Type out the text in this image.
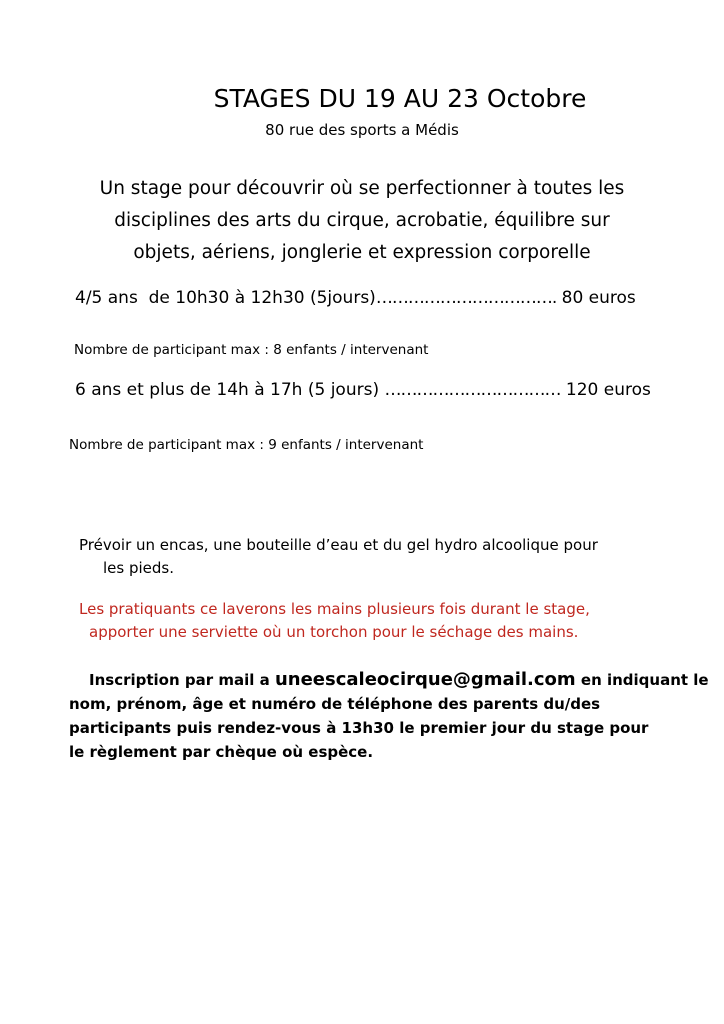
STAGES DU 19 AU 23 Octobre
80 rue des sports a Médis
Un stage pour découvrir où se perfectionner à toutes les
disciplines des arts du cirque, acrobatie, équilibre sur
objets, aériens, jonglerie et expression corporelle
4/5 ans  de 10h30 à 12h30 (5jours)……………………………. 80 euros
Nombre de participant max : 8 enfants / intervenant
6 ans et plus de 14h à 17h (5 jours) …………………………… 120 euros
Nombre de participant max : 9 enfants / intervenant
Prévoir un encas, une bouteille d’eau et du gel hydro alcoolique pour
les pieds.
Les pratiquants ce laverons les mains plusieurs fois durant le stage,
apporter une serviette où un torchon pour le séchage des mains.
Inscription par mail a uneescaleocirque@gmail.com en indiquant le
nom, prénom, âge et numéro de téléphone des parents du/des
participants puis rendez-vous à 13h30 le premier jour du stage pour
le règlement par chèque où espèce.
